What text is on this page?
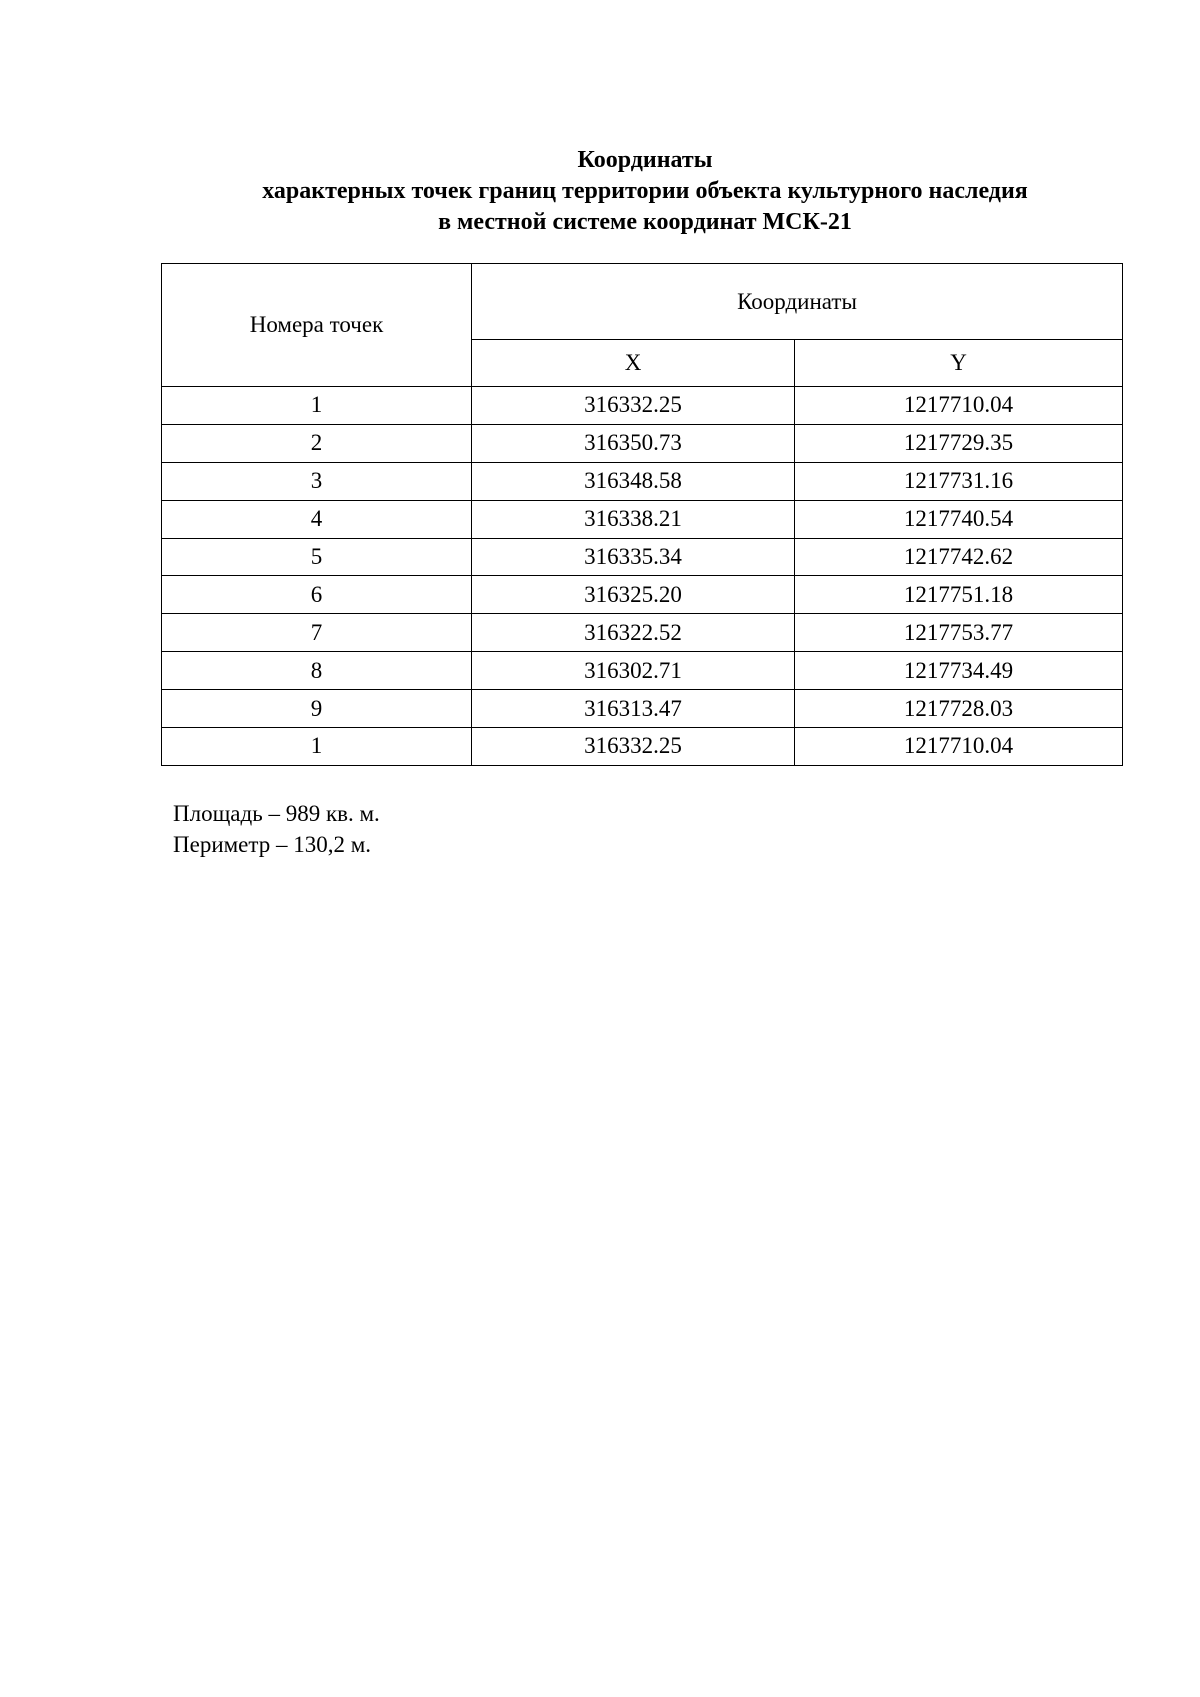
Координаты
характерных точек границ территории объекта культурного наследия
в местной системе координат МСК-21
Номера точек	Координаты	
	X	Y
1	316332.25	1217710.04
2	316350.73	1217729.35
3	316348.58	1217731.16
4	316338.21	1217740.54
5	316335.34	1217742.62
6	316325.20	1217751.18
7	316322.52	1217753.77
8	316302.71	1217734.49
9	316313.47	1217728.03
1	316332.25	1217710.04
Площадь – 989 кв. м.
Периметр – 130,2 м.
